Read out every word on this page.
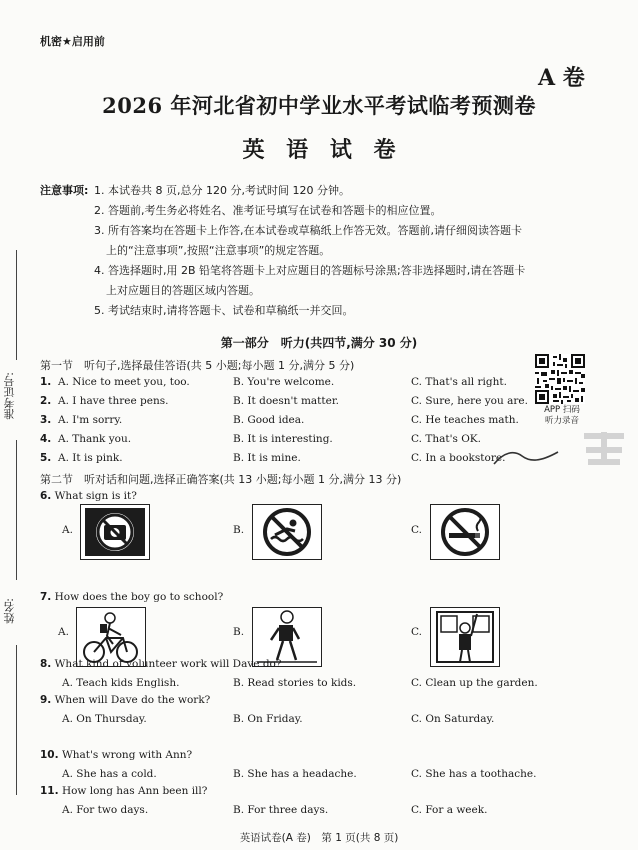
准考证号:
姓名:
机密★启用前
A 卷
2026 年河北省初中学业水平考试临考预测卷
英 语 试 卷
注意事项: 1. 本试卷共 8 页,总分 120 分,考试时间 120 分钟。
2. 答题前,考生务必将姓名、准考证号填写在试卷和答题卡的相应位置。
3. 所有答案均在答题卡上作答,在本试卷或草稿纸上作答无效。答题前,请仔细阅读答题卡
上的“注意事项”,按照“注意事项”的规定答题。
4. 答选择题时,用 2B 铅笔将答题卡上对应题目的答题标号涂黑;答非选择题时,请在答题卡
上对应题目的答题区域内答题。
5. 考试结束时,请将答题卡、试卷和草稿纸一并交回。
第一部分　听力(共四节,满分 30 分)
APP 扫码
听力录音
第一节　听句子,选择最佳答语(共 5 小题;每小题 1 分,满分 5 分)
1. A. Nice to meet you, too.	B. You're welcome.	C. That's all right.
2. A. I have three pens.	B. It doesn't matter.	C. Sure, here you are.
3. A. I'm sorry.	B. Good idea.	C. He teaches math.
4. A. Thank you.	B. It is interesting.	C. That's OK.
5. A. It is pink.	B. It is mine.	C. In a bookstore.
第二节　听对话和问题,选择正确答案(共 13 小题;每小题 1 分,满分 13 分)
6. What sign is it?
A.	B.	C.
7. How does the boy go to school?
A.	B.	C.
8. What kind of volunteer work will Dave do?
A. Teach kids English.	B. Read stories to kids.	C. Clean up the garden.
9. When will Dave do the work?
A. On Thursday.	B. On Friday.	C. On Saturday.
10. What's wrong with Ann?
A. She has a cold.	B. She has a headache.	C. She has a toothache.
11. How long has Ann been ill?
A. For two days.	B. For three days.	C. For a week.
英语试卷(A 卷)　第 1 页(共 8 页)
